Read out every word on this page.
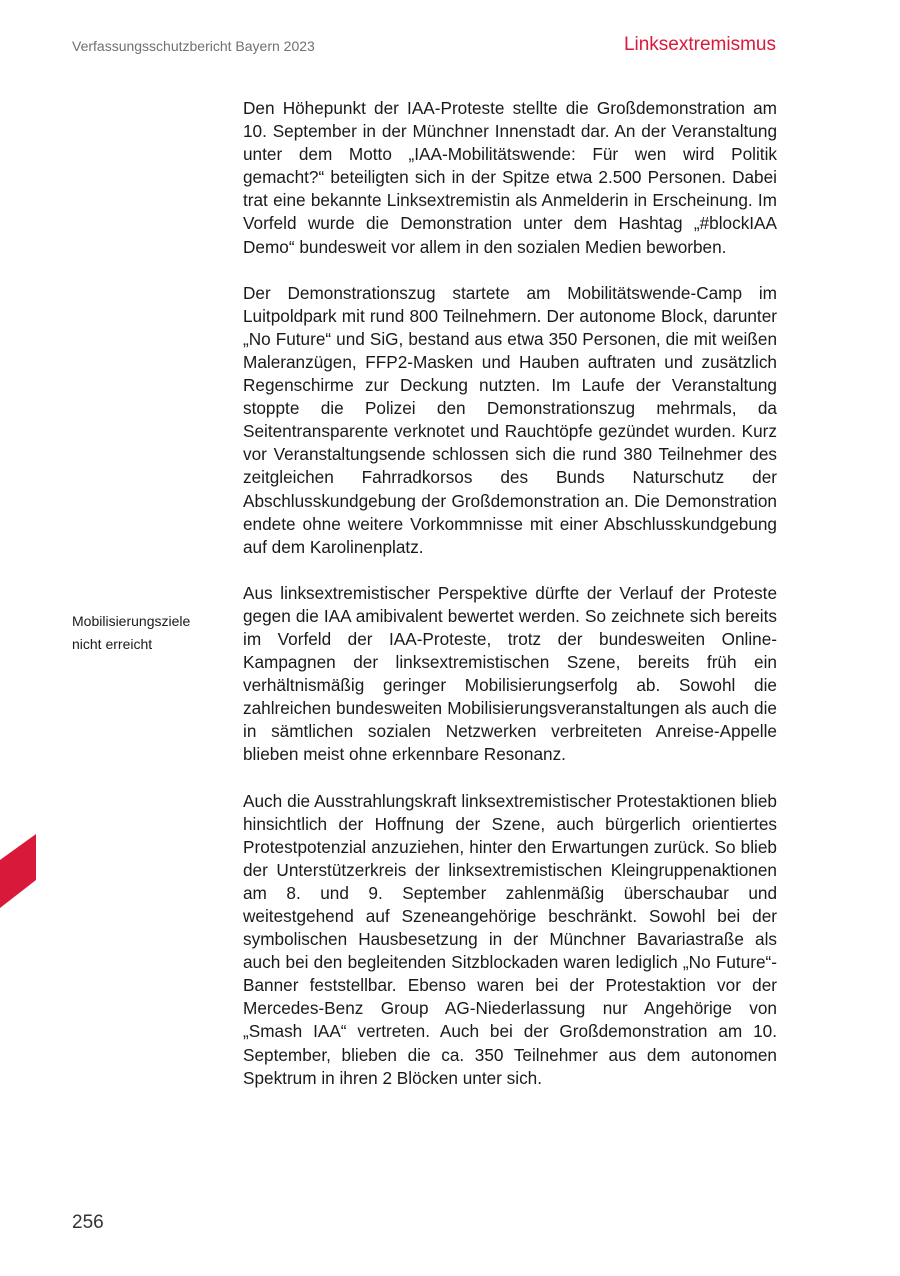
Verfassungsschutzbericht Bayern 2023	Linksextremismus
Mobilisierungsziele
nicht erreicht

Den Höhepunkt der IAA-Proteste stellte die Großdemonstration am 10. September in der Münchner Innenstadt dar. An der Veranstaltung unter dem Motto „IAA-Mobilitätswende: Für wen wird Politik gemacht?“ beteiligten sich in der Spitze etwa 2.500 Personen. Dabei trat eine bekannte Linksextremistin als Anmelderin in Erscheinung. Im Vorfeld wurde die Demonstration unter dem Hashtag „#blockIAA Demo“ bundesweit vor allem in den sozialen Medien beworben.

Der Demonstrationszug startete am Mobilitätswende-Camp im Luitpoldpark mit rund 800 Teilnehmern. Der autonome Block, darunter „No Future“ und SiG, bestand aus etwa 350 Personen, die mit weißen Maleranzügen, FFP2-Masken und Hauben auftraten und zusätzlich Regenschirme zur Deckung nutzten. Im Laufe der Veranstaltung stoppte die Polizei den Demonstrationszug mehrmals, da Seitentransparente verknotet und Rauchtöpfe gezündet wurden. Kurz vor Veranstaltungsende schlossen sich die rund 380 Teilnehmer des zeitgleichen Fahrradkorsos des Bunds Naturschutz der Abschlusskundgebung der Großdemonstration an. Die Demonstration endete ohne weitere Vorkommnisse mit einer Abschlusskundgebung auf dem Karolinenplatz.

Aus linksextremistischer Perspektive dürfte der Verlauf der Proteste gegen die IAA amibivalent bewertet werden. So zeichnete sich bereits im Vorfeld der IAA-Proteste, trotz der bundesweiten Online-Kampagnen der linksextremistischen Szene, bereits früh ein verhältnismäßig geringer Mobilisierungserfolg ab. Sowohl die zahlreichen bundesweiten Mobilisierungsveranstaltungen als auch die in sämtlichen sozialen Netzwerken verbreiteten Anreise-Appelle blieben meist ohne erkennbare Resonanz.

Auch die Ausstrahlungskraft linksextremistischer Protestaktionen blieb hinsichtlich der Hoffnung der Szene, auch bürgerlich orientiertes Protestpotenzial anzuziehen, hinter den Erwartungen zurück. So blieb der Unterstützerkreis der linksextremistischen Kleingruppenaktionen am 8. und 9. September zahlenmäßig überschaubar und weitestgehend auf Szeneangehörige beschränkt. Sowohl bei der symbolischen Hausbesetzung in der Münchner Bavariastraße als auch bei den begleitenden Sitzblockaden waren lediglich „No Future“-Banner feststellbar. Ebenso waren bei der Protestaktion vor der Mercedes-Benz Group AG-Niederlassung nur Angehörige von „Smash IAA“ vertreten. Auch bei der Großdemonstration am 10. September, blieben die ca. 350 Teilnehmer aus dem autonomen Spektrum in ihren 2 Blöcken unter sich.

256
